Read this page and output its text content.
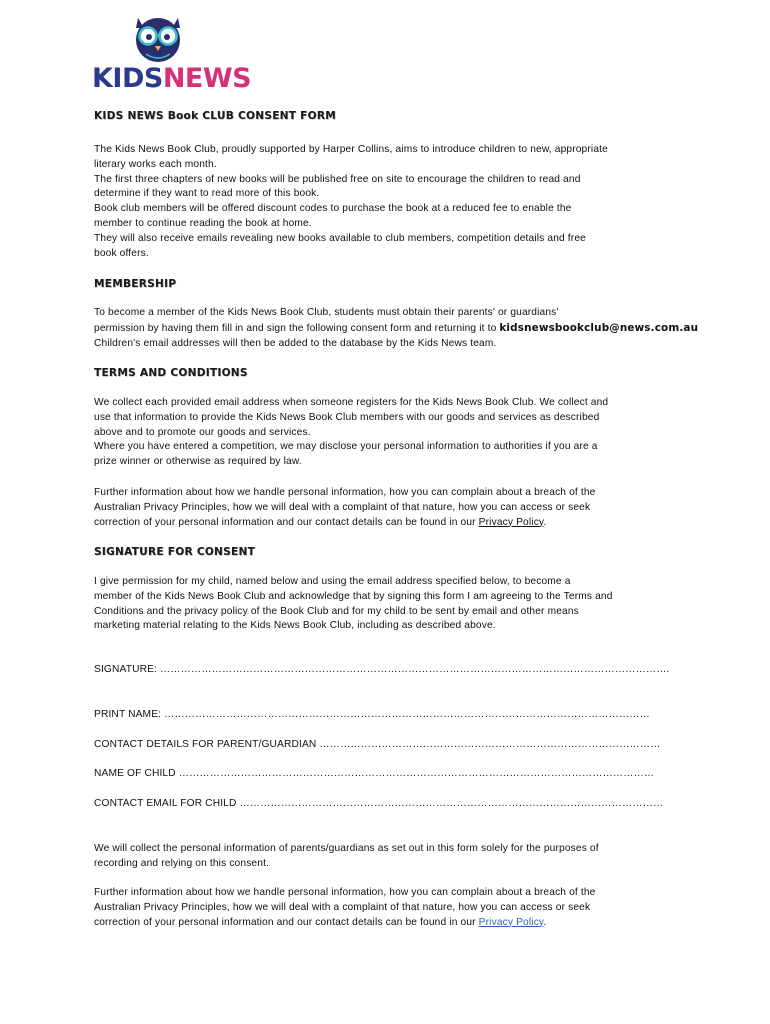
KIDSNEWS
KIDS NEWS Book CLUB CONSENT FORM
The Kids News Book Club, proudly supported by Harper Collins, aims to introduce children to new, appropriate
literary works each month.
The first three chapters of new books will be published free on site to encourage the children to read and
determine if they want to read more of this book.
Book club members will be offered discount codes to purchase the book at a reduced fee to enable the
member to continue reading the book at home.
They will also receive emails revealing new books available to club members, competition details and free
book offers.
MEMBERSHIP
To become a member of the Kids News Book Club, students must obtain their parents' or guardians'
permission by having them fill in and sign the following consent form and returning it to kidsnewsbookclub@news.com.au
Children's email addresses will then be added to the database by the Kids News team.
TERMS AND CONDITIONS
We collect each provided email address when someone registers for the Kids News Book Club. We collect and
use that information to provide the Kids News Book Club members with our goods and services as described
above and to promote our goods and services.
Where you have entered a competition, we may disclose your personal information to authorities if you are a
prize winner or otherwise as required by law.
Further information about how we handle personal information, how you can complain about a breach of the
Australian Privacy Principles, how we will deal with a complaint of that nature, how you can access or seek
correction of your personal information and our contact details can be found in our Privacy Policy.
SIGNATURE FOR CONSENT
I give permission for my child, named below and using the email address specified below, to become a
member of the Kids News Book Club and acknowledge that by signing this form I am agreeing to the Terms and
Conditions and the privacy policy of the Book Club and for my child to be sent by email and other means
marketing material relating to the Kids News Book Club, including as described above.
SIGNATURE: ………………………………………………………………………………………………………………………………….
PRINT NAME: ……………………………………………………………………………………………………………………………
CONTACT DETAILS FOR PARENT/GUARDIAN ………………………………………………………………………………………
NAME OF CHILD …………………………………………………………………………………………………………………………
CONTACT EMAIL FOR CHILD ……………………………………………………………………………………………………………
We will collect the personal information of parents/guardians as set out in this form solely for the purposes of
recording and relying on this consent.
Further information about how we handle personal information, how you can complain about a breach of the
Australian Privacy Principles, how we will deal with a complaint of that nature, how you can access or seek
correction of your personal information and our contact details can be found in our Privacy Policy.
